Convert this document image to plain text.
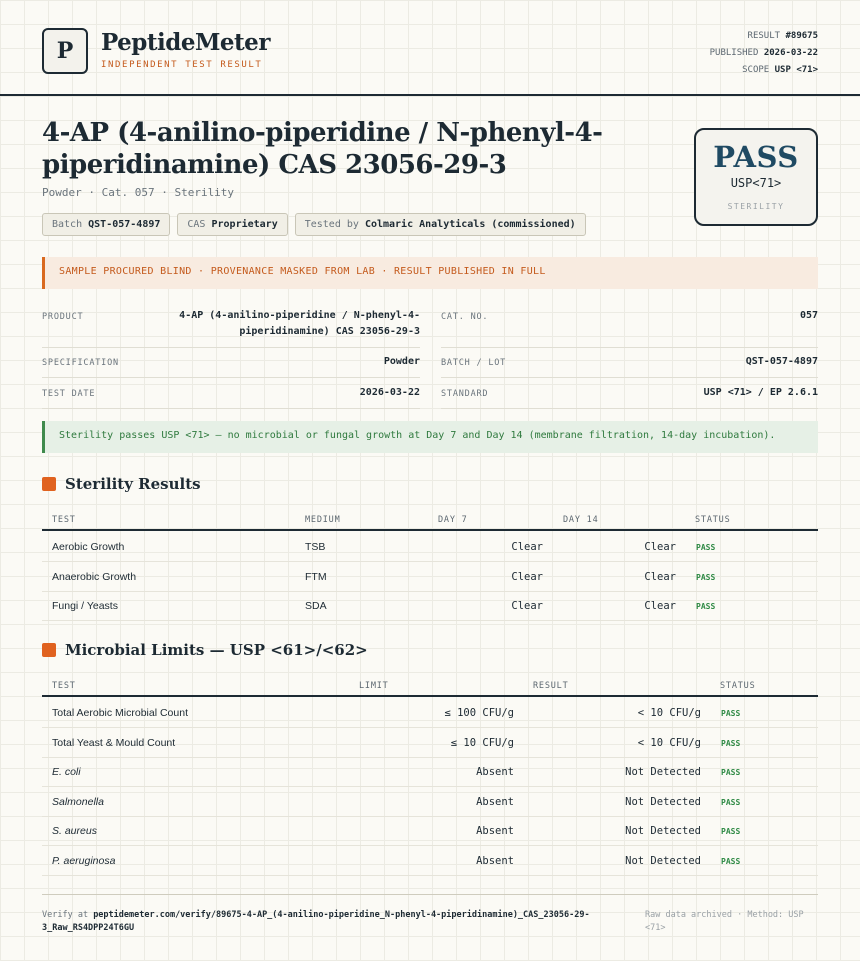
P	PeptideMeter
INDEPENDENT TEST RESULT
RESULT #89675
PUBLISHED 2026-03-22
SCOPE USP <71>
4-AP (4-anilino-piperidine / N-phenyl-4-piperidinamine) CAS 23056-29-3
Powder · Cat. 057 · Sterility
Batch QST-057-4897	CAS Proprietary	Tested by Colmaric Analyticals (commissioned)
PASS
USP<71>
STERILITY
SAMPLE PROCURED BLIND · PROVENANCE MASKED FROM LAB · RESULT PUBLISHED IN FULL
PRODUCT	4-AP (4-anilino-piperidine / N-phenyl-4-
piperidinamine) CAS 23056-29-3
CAT. NO.	057
SPECIFICATION	Powder BATCH / LOT	QST-057-4897
TEST DATE	2026-03-22 STANDARD	USP <71> / EP 2.6.1
Sterility passes USP <71> — no microbial or fungal growth at Day 7 and Day 14 (membrane filtration, 14-day incubation).
Sterility Results
TEST	MEDIUM	DAY 7	DAY 14	STATUS
Aerobic Growth	TSB	Clear	Clear	PASS
Anaerobic Growth	FTM	Clear	Clear	PASS
Fungi / Yeasts	SDA	Clear	Clear	PASS
Microbial Limits — USP <61>/<62>
TEST	LIMIT	RESULT	STATUS
Total Aerobic Microbial Count	≤ 100 CFU/g	< 10 CFU/g	PASS
Total Yeast & Mould Count	≤ 10 CFU/g	< 10 CFU/g	PASS
E. coli	Absent	Not Detected	PASS
Salmonella	Absent	Not Detected	PASS
S. aureus	Absent	Not Detected	PASS
P. aeruginosa	Absent	Not Detected	PASS
Verify at peptidemeter.com/verify/89675-4-AP_(4-anilino-piperidine_N-phenyl-4-piperidinamine)_CAS_23056-29-3_Raw_RS4DPP24T6GU
Raw data archived · Method: USP <71>
